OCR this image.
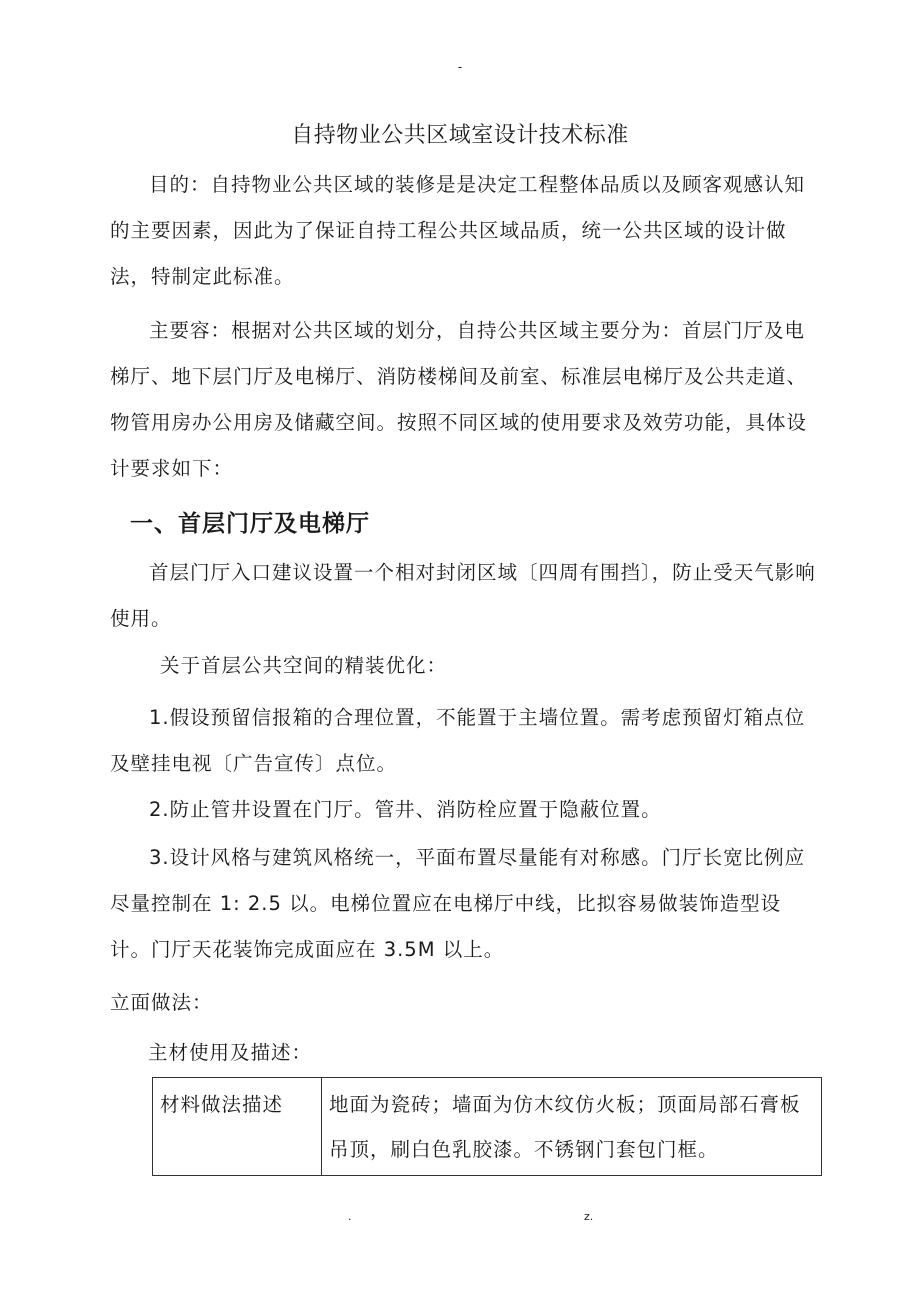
-
自持物业公共区域室设计技术标准

目的：自持物业公共区域的装修是是决定工程整体品质以及顾客观感认知的主要因素，因此为了保证自持工程公共区域品质，统一公共区域的设计做法，特制定此标准。

主要容：根据对公共区域的划分，自持公共区域主要分为：首层门厅及电梯厅、地下层门厅及电梯厅、消防楼梯间及前室、标准层电梯厅及公共走道、物管用房办公用房及储藏空间。按照不同区域的使用要求及效劳功能，具体设计要求如下：

一、首层门厅及电梯厅

首层门厅入口建议设置一个相对封闭区域〔四周有围挡〕，防止受天气影响使用。

关于首层公共空间的精装优化：

1.假设预留信报箱的合理位置，不能置于主墙位置。需考虑预留灯箱点位及壁挂电视〔广告宣传〕点位。

2.防止管井设置在门厅。管井、消防栓应置于隐蔽位置。

3.设计风格与建筑风格统一，平面布置尽量能有对称感。门厅长宽比例应尽量控制在 1: 2.5 以。电梯位置应在电梯厅中线，比拟容易做装饰造型设计。门厅天花装饰完成面应在 3.5M 以上。

立面做法：

主材使用及描述：

材料做法描述	地面为瓷砖；墙面为仿木纹仿火板；顶面局部石膏板吊顶，刷白色乳胶漆。不锈钢门套包门框。
.	z.
